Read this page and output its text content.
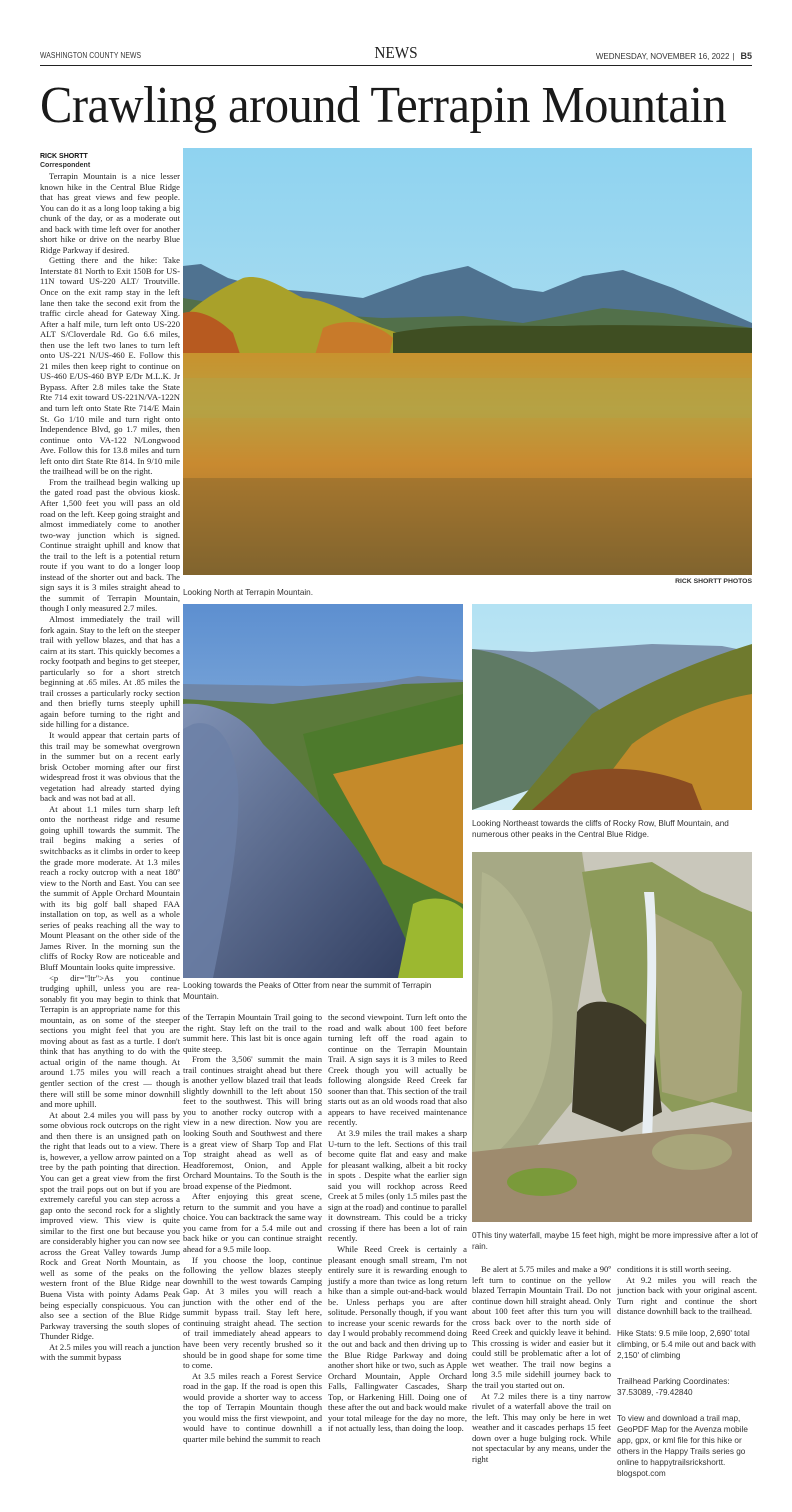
WASHINGTON COUNTY NEWS	NEWS	WEDNESDAY, NOVEMBER 16, 2022 | B5
Crawling around Terrapin Mountain
RICK SHORTT
Correspondent

Terrapin Mountain is a nice lesser known hike in the Central Blue Ridge that has great views and few people. You can do it as a long loop taking a big chunk of the day, or as a moderate out and back with time left over for another short hike or drive on the nearby Blue Ridge Parkway if desired.

Getting there and the hike: Take Interstate 81 North to Exit 150B for US-11N toward US-220 ALT/ Troutville. Once on the exit ramp stay in the left lane then take the second exit from the traffic circle ahead for Gateway Xing. After a half mile, turn left onto US-220 ALT S/Cloverdale Rd. Go 6.6 miles, then use the left two lanes to turn left onto US-221 N/US-460 E. Follow this 21 miles then keep right to continue on US-460 E/US-460 BYP E/Dr M.L.K. Jr Bypass. After 2.8 miles take the State Rte 714 exit toward US-221N/VA-122N and turn left onto State Rte 714/E Main St. Go 1/10 mile and turn right onto Independence Blvd, go 1.7 miles, then continue onto VA-122 N/Longwood Ave. Follow this for 13.8 miles and turn left onto dirt State Rte 814. In 9/10 mile the trailhead will be on the right.

From the trailhead begin walking up the gated road past the obvious kiosk. After 1,500 feet you will pass an old road on the left. Keep going straight and almost immediately come to another two-way junction which is signed. Continue straight uphill and know that the trail to the left is a potential return route if you want to do a longer loop instead of the shorter out and back. The sign says it is 3 miles straight ahead to the summit of Terrapin Mountain, though I only measured 2.7 miles.

Almost immediately the trail will fork again. Stay to the left on the steeper trail with yellow blazes, and that has a cairn at its start. This quickly becomes a rocky footpath and begins to get steeper, particularly so for a short stretch beginning at .65 miles. At .85 miles the trail crosses a particularly rocky section and then briefly turns steeply uphill again before turning to the right and side hilling for a distance.

It would appear that certain parts of this trail may be somewhat overgrown in the summer but on a recent early brisk October morning after our first widespread frost it was obvious that the vegetation had already started dying back and was not bad at all.

At about 1.1 miles turn sharp left onto the northeast ridge and resume going uphill towards the summit. The trail begins making a series of switchbacks as it climbs in order to keep the grade more moderate. At 1.3 miles reach a rocky outcrop with a neat 180º view to the North and East. You can see the summit of Apple Orchard Mountain with its big golf ball shaped FAA installation on top, as well as a whole series of peaks reaching all the way to Mount Pleasant on the other side of the James River. In the morning sun the cliffs of Rocky Row are noticeable and Bluff Mountain looks quite impressive.

<p dir="ltr">As you continue trudging uphill, unless you are reasonably fit you may begin to think that Terrapin is an appropriate name for this mountain, as on some of the steeper sections you might feel that you are moving about as fast as a turtle. I don't think that has anything to do with the actual origin of the name though. At around 1.75 miles you will reach a gentler section of the crest — though there will still be some minor downhill and more uphill.

At about 2.4 miles you will pass by some obvious rock outcrops on the right and then there is an unsigned path on the right that leads out to a view. There is, however, a yellow arrow painted on a tree by the path pointing that direction. You can get a great view from the first spot the trail pops out on but if you are extremely careful you can step across a gap onto the second rock for a slightly improved view. This view is quite similar to the first one but because you are considerably higher you can now see across the Great Valley towards Jump Rock and Great North Mountain, as well as some of the peaks on the western front of the Blue Ridge near Buena Vista with pointy Adams Peak being especially conspicuous. You can also see a section of the Blue Ridge Parkway traversing the south slopes of Thunder Ridge.

At 2.5 miles you will reach a junction with the summit bypass

RICK SHORTT PHOTOS
Looking North at Terrapin Mountain.
Looking towards the Peaks of Otter from near the summit of Terrapin Mountain.
Looking Northeast towards the cliffs of Rocky Row, Bluff Mountain, and numerous other peaks in the Central Blue Ridge.
0This tiny waterfall, maybe 15 feet high, might be more impressive after a lot of rain.

of the Terrapin Mountain Trail going to the right. Stay left on the trail to the summit here. This last bit is once again quite steep.

From the 3,506' summit the main trail continues straight ahead but there is another yellow blazed trail that leads slightly downhill to the left about 150 feet to the southwest. This will bring you to another rocky outcrop with a view in a new direction. Now you are looking South and Southwest and there is a great view of Sharp Top and Flat Top straight ahead as well as of Headforemost, Onion, and Apple Orchard Mountains. To the South is the broad expense of the Piedmont.

After enjoying this great scene, return to the summit and you have a choice. You can backtrack the same way you came from for a 5.4 mile out and back hike or you can continue straight ahead for a 9.5 mile loop.

If you choose the loop, continue following the yellow blazes steeply downhill to the west towards Camping Gap. At 3 miles you will reach a junction with the other end of the summit bypass trail. Stay left here, continuing straight ahead. The section of trail immediately ahead appears to have been very recently brushed so it should be in good shape for some time to come.

At 3.5 miles reach a Forest Service road in the gap. If the road is open this would provide a shorter way to access the top of Terrapin Mountain though you would miss the first viewpoint, and would have to continue downhill a quarter mile behind the summit to reach

the second viewpoint. Turn left onto the road and walk about 100 feet before turning left off the road again to continue on the Terrapin Mountain Trail. A sign says it is 3 miles to Reed Creek though you will actually be following alongside Reed Creek far sooner than that. This section of the trail starts out as an old woods road that also appears to have received maintenance recently.

At 3.9 miles the trail makes a sharp U-turn to the left. Sections of this trail become quite flat and easy and make for pleasant walking, albeit a bit rocky in spots . Despite what the earlier sign said you will rockhop across Reed Creek at 5 miles (only 1.5 miles past the sign at the road) and continue to parallel it downstream. This could be a tricky crossing if there has been a lot of rain recently.

While Reed Creek is certainly a pleasant enough small stream, I'm not entirely sure it is rewarding enough to justify a more than twice as long return hike than a simple out-and-back would be. Unless perhaps you are after solitude. Personally though, if you want to increase your scenic rewards for the day I would probably recommend doing the out and back and then driving up to the Blue Ridge Parkway and doing another short hike or two, such as Apple Orchard Mountain, Apple Orchard Falls, Fallingwater Cascades, Sharp Top, or Harkening Hill. Doing one of these after the out and back would make your total mileage for the day no more, if not actually less, than doing the loop.

Be alert at 5.75 miles and make a 90º left turn to continue on the yellow blazed Terrapin Mountain Trail. Do not continue down hill straight ahead. Only about 100 feet after this turn you will cross back over to the north side of Reed Creek and quickly leave it behind. This crossing is wider and easier but it could still be problematic after a lot of wet weather. The trail now begins a long 3.5 mile sidehill journey back to the trail you started out on.

At 7.2 miles there is a tiny narrow rivulet of a waterfall above the trail on the left. This may only be here in wet weather and it cascades perhaps 15 feet down over a huge bulging rock. While not spectacular by any means, under the right

conditions it is still worth seeing.

At 9.2 miles you will reach the junction back with your original ascent. Turn right and continue the short distance downhill back to the trailhead.

Hike Stats: 9.5 mile loop, 2,690' total climbing, or 5.4 mile out and back with 2,150' of climbing
Trailhead Parking Coordinates: 37.53089, -79.42840
To view and download a trail map, GeoPDF Map for the Avenza mobile app, gpx, or kml file for this hike or others in the Happy Trails series go online to happytrailsrickshortt. blogspot.com
